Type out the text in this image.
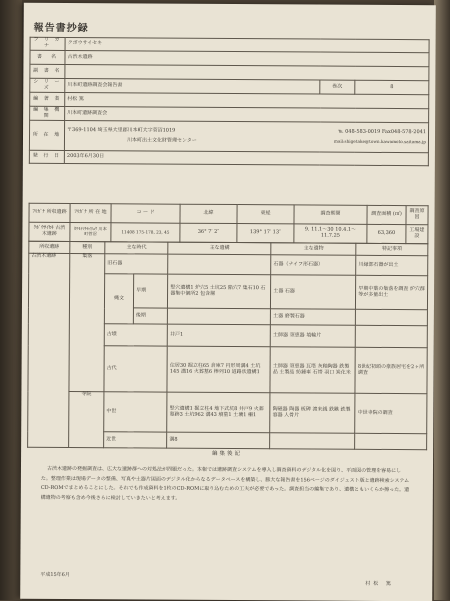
報告書抄録
フ リ ガ ナ	クボウサイセキ		
書　名	古渋木遺跡		
副 書 名			
シ リ ー ズ	川本町遺跡調査会報告書	巻次	8
編 著 者	村松 篤		
編 集 機 関	川本町遺跡調査会		
所 在 地	〒369-1104 埼玉県大里郡川本町大字菅沼1019 ℡ 048-583-0019 Fax048-578-2041
川本町出土文化財管理センター mail:shigetake@town.kawamoto.saitama.jp		

発 行 日	2003年6月30日		
ﾌﾘｶﾞﾅ 所収遺跡	ﾌﾘｶﾞﾅ 所 在 地	コ ー ド	北緯	東経	調査期間	調査面積 (㎡)	調査原因
ｸﾎﾞｳｻｲｾｷ 古渋木遺跡	ｶﾜﾓﾄﾏﾁｾｲﾘｮｳ 川本町菅沼	11408 175-178, 23, 45	36° 7′ 2″	139° 17′ 13″	9. 11.1～30 10.4.1～11.7.25	63,360	工場建設
所収遺跡	種別	主な時代		主な遺構	主な遺物	特記事項
古渋木遺跡	集落	旧石器			石器（ナイフ形石器）	川縁部石器が出土
		縄文	早期	竪穴遺構1 炉穴5 土坑25 陥穴7 集石10 石器集中個所2 包含層	土器 石器	早期中葉の集落を調査 炉穴群等が多量出土
			後期		土器 磨製石器	
		古墳		井戸1	土師器 須恵器 埴輪片	
		古代		住居30 掘立柱65 倉庫7 円形周溝4 土坑145 溝16 火葬墓6 棒列10 道路状遺構1	土師器 須恵器 瓦塔 灰釉陶器 鉄製品 土製品 紡錘車 石帯 羽口 炭化米	8世紀初頭の豪族居宅を2ヶ所調査
	寺院	中世		竪穴遺構1 掘立柱4 地下式坑8 井戸9 火葬墓跡3 土坑962 溝43 墳墓1 土壙1 柵1	陶磁器 陶器 板碑 渡来銭 鉄鏃 鉄製容器 人骨片	中世寺院の調査
		近世		溝8		
編集後記
古渋木遺跡の発掘調査は、広大な遺跡群への対処法が問題だった。本報では遺跡調査システムを導入し調査資料のデジタル化を図り、平面図の管理を容易にした。整理作業は現場データの整備、写真や土器片図面のデジタル化からなるデータベースを構築し、膨大な報告書を156ページのダイジェスト版と遺跡検索システムCD-ROMでまとめることにした。それでも作成資料を1枚のCD-ROMに取り込むための工夫が必要であった。調査担当の編集であり、遺構ともいくらか擦った。遺構遺物の考察も含め今後さらに検討していきたいと考えます。
平成15年6月
村松 篤
